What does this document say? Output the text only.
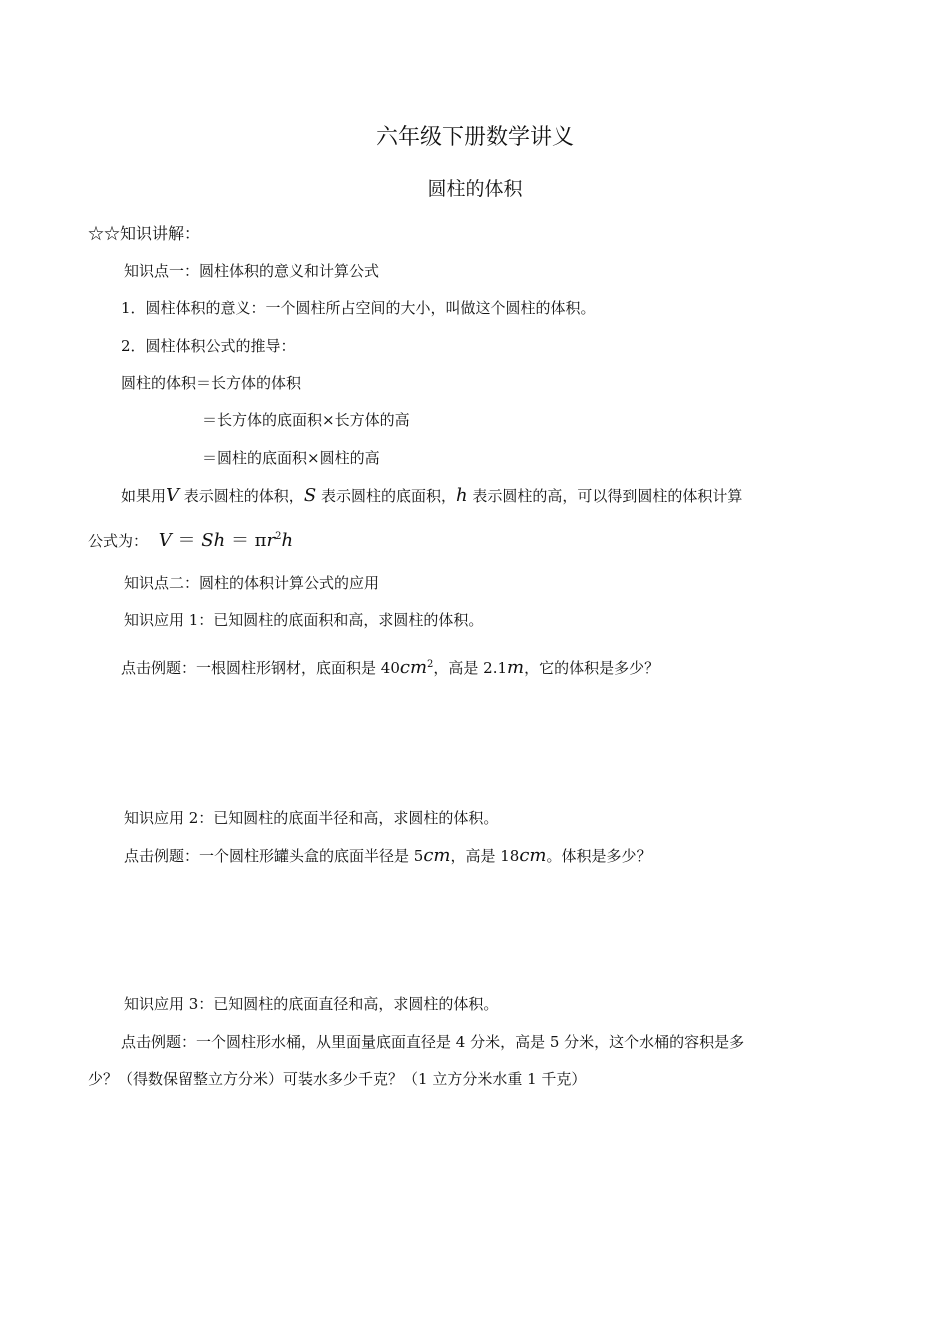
六年级下册数学讲义
圆柱的体积
☆☆知识讲解：
知识点一：圆柱体积的意义和计算公式
1．圆柱体积的意义：一个圆柱所占空间的大小，叫做这个圆柱的体积。
2．圆柱体积公式的推导：
圆柱的体积＝长方体的体积
＝长方体的底面积×长方体的高
＝圆柱的底面积×圆柱的高
如果用V 表示圆柱的体积，S 表示圆柱的底面积，h 表示圆柱的高，可以得到圆柱的体积计算
公式为： $V = Sh = \pi r^2h$
知识点二：圆柱的体积计算公式的应用
知识应用 1：已知圆柱的底面积和高，求圆柱的体积。
点击例题：一根圆柱形钢材，底面积是 $40cm^2$，高是 2.1m，它的体积是多少？
知识应用 2：已知圆柱的底面半径和高，求圆柱的体积。
点击例题：一个圆柱形罐头盒的底面半径是 5cm，高是 18cm。体积是多少？
知识应用 3：已知圆柱的底面直径和高，求圆柱的体积。
点击例题：一个圆柱形水桶，从里面量底面直径是 4 分米，高是 5 分米，这个水桶的容积是多
少？（得数保留整立方分米）可装水多少千克？（1 立方分米水重 1 千克）
